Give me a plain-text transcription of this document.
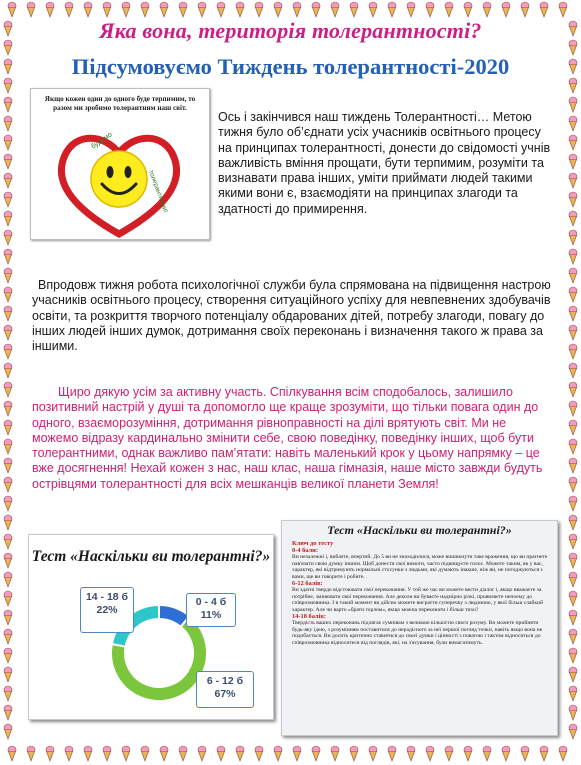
Яка вона, територія толерантності?
Підсумовуємо Тиждень толерантності-2020
Якщо кожен один до одного буде терпимим, то разом ми зробимо толерантним наш світ.
будемо
толерантними!
Ось і закінчився наш тиждень Толерантності… Метою тижня було об’єднати усіх учасників освітнього процесу на принципах толерантності, донести до свідомості учнів важливість вміння прощати, бути терпимим, розуміти та визнавати права інших, уміти приймати людей такими якими вони є, взаємодіяти на принципах злагоди та здатності до примирення.
Впродовж тижня робота психологічної служби була спрямована на підвищення настрою учасників освітнього процесу, створення ситуаційного успіху для невпевнених здобувачів освіти, та розкриття творчого потенціалу обдарованих дітей, потребу злагоди, повагу до інших людей інших думок, дотримання своїх переконань і визначення такого ж права за іншими.
Щиро дякую усім за активну участь. Спілкування всім сподобалось, залишило позитивний настрій у душі та допомогло ще краще зрозуміти, що тільки повага один до одного, взаєморозуміння, дотримання рівноправності на ділі врятують світ. Ми не можемо відразу кардинально змінити себе, свою поведінку, поведінку інших, щоб бути толерантними, однак важливо пам’ятати: навіть маленький крок у цьому напрямку – це вже досягнення! Нехай кожен з нас, наш клас, наша гімназія, наше місто завжди будуть острівцями толерантності для всіх мешканців великої планети Земля!
Тест «Наскільки ви толерантні?»
14 - 18 б
22%
0 - 4 б
11%
6 - 12 б
67%
Тест «Наскільки ви толерантні?»
Ключ до тесту
0-4 бали:
Ви незалежні і, вибачте, впертий. До 5 ви не знаходилися, може вишикнути таке враження, що ви прагнете пав'язати свою думку іншим. Щоб донести свої вимоги, часто підвищуєте голос. Можете таким, як у вас, характер, які відтримують нормальні стосунки з людьми, які думають інакше, ніж ви, не погоджуються з вами, ще ви говорите і робите.
6-12 балів:
Ви здатні твердо відстоювати свої переконання. У той же час ви можете вести діалог і, якщо вважаєте за потрібне, змінювати свої переконання. Але деколи ви буваєте надмірно різкі, проявляєте непоему до співрозмовника. І в такий момент ви дійсно можете вигратти суперечку з людиною, у якої більш слабкий характер. Але чи варто «брати горлом», якщо можна переконати і більш тихо?
14-18 балів:
Твердість ваших переконань підлягає сумнівам з великою кількістю свого розуму. Ви можете прийняти будь-яку ідею, з розумінням поставитися до нерадісного за неї першої погляд точки, навіть якщо вона не подобається. Ви досить критично ставитися до своєї думки і цінності з повагою і тактом відноситься до співрозмовника відноситеся від поглядів, які, на з'ясування, були вимагатимуть.
